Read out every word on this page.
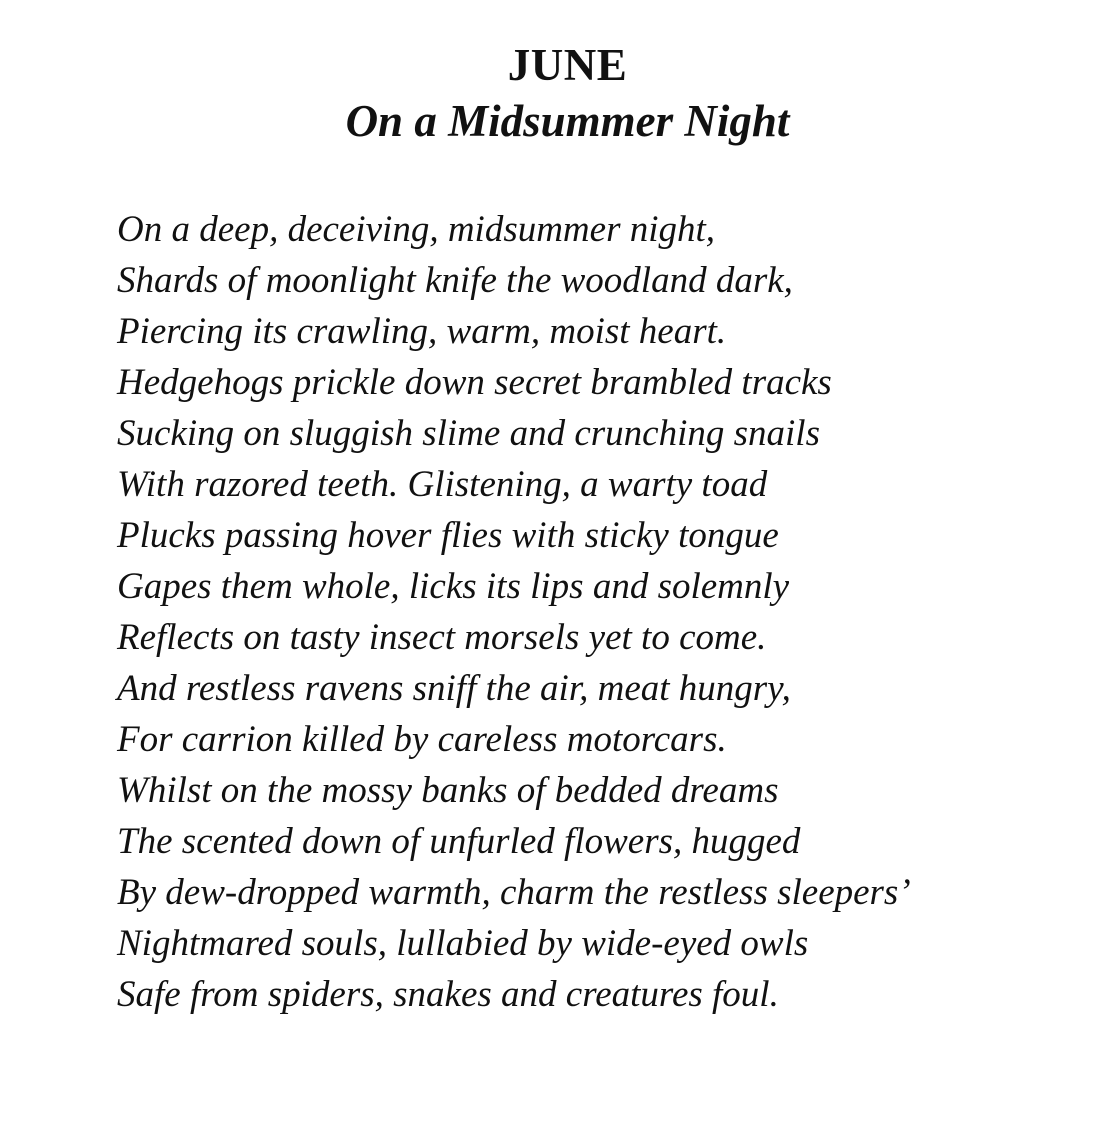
JUNE
On a Midsummer Night
On a deep, deceiving, midsummer night,
Shards of moonlight knife the woodland dark,
Piercing its crawling, warm, moist heart.
Hedgehogs prickle down secret brambled tracks
Sucking on sluggish slime and crunching snails
With razored teeth. Glistening, a warty toad
Plucks passing hover flies with sticky tongue
Gapes them whole, licks its lips and solemnly
Reflects on tasty insect morsels yet to come.
And restless ravens sniff the air, meat hungry,
For carrion killed by careless motorcars.
Whilst on the mossy banks of bedded dreams
The scented down of unfurled flowers, hugged
By dew-dropped warmth, charm the restless sleepers’
Nightmared souls, lullabied by wide-eyed owls
Safe from spiders, snakes and creatures foul.
